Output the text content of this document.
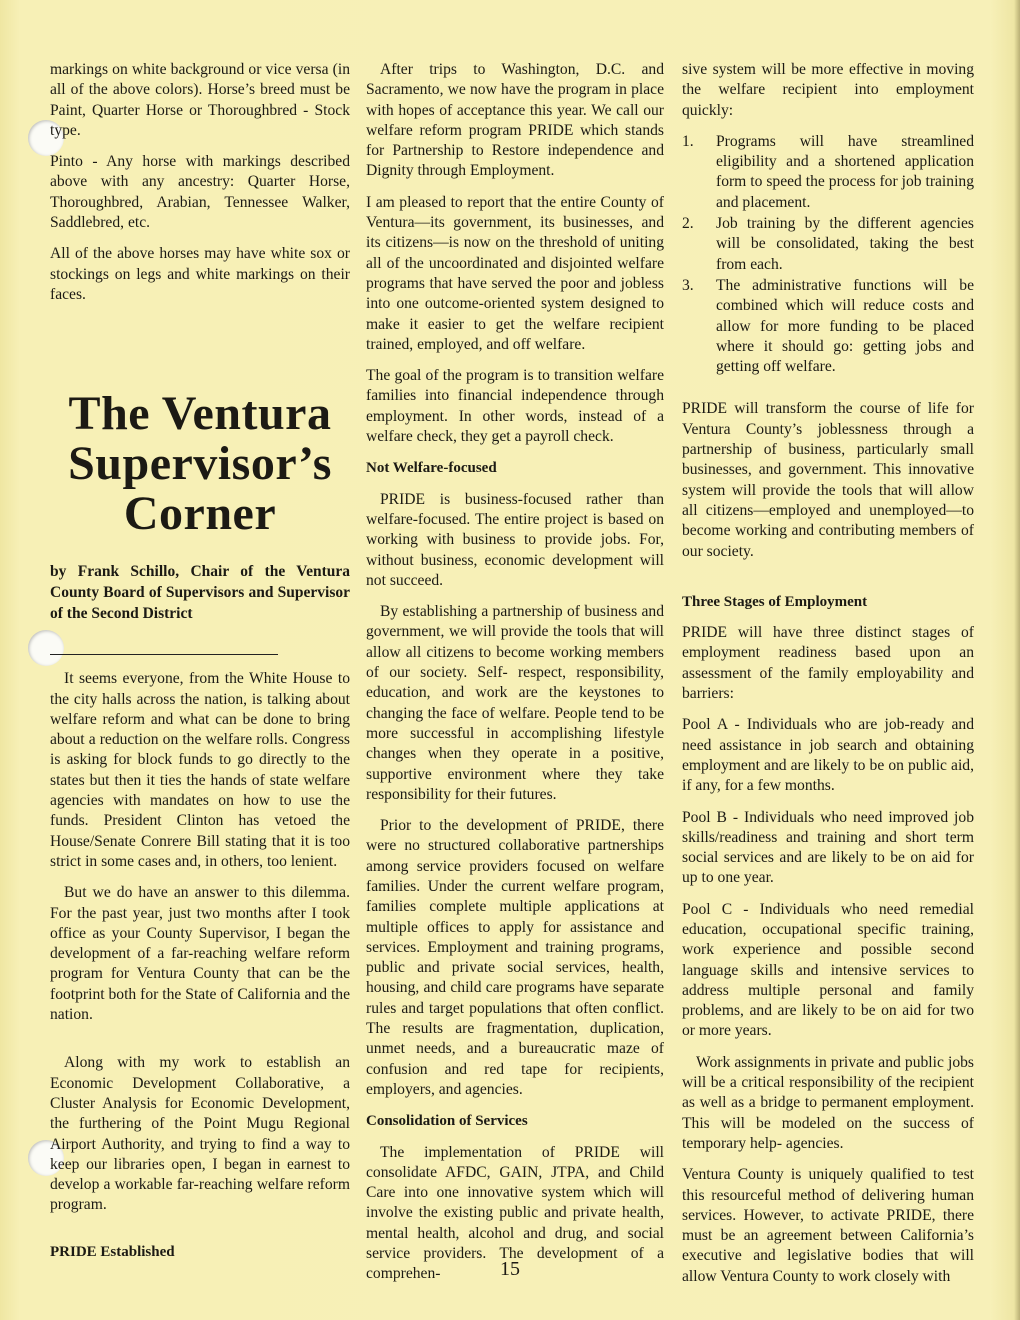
markings on white background or vice versa (in all of the above colors). Horse’s breed must be Paint, Quarter Horse or Thoroughbred - Stock type.

Pinto - Any horse with markings described above with any ancestry: Quarter Horse, Thoroughbred, Arabian, Tennessee Walker, Saddlebred, etc.

All of the above horses may have white sox or stockings on legs and white markings on their faces.

The Ventura
Supervisor’s
Corner
by Frank Schillo, Chair of the Ventura County Board of Supervisors and Supervisor of the Second District

It seems everyone, from the White House to the city halls across the nation, is talking about welfare reform and what can be done to bring about a reduction on the welfare rolls. Congress is asking for block funds to go directly to the states but then it ties the hands of state welfare agencies with mandates on how to use the funds. President Clinton has vetoed the House/Senate Conrere Bill stating that it is too strict in some cases and, in others, too lenient.

But we do have an answer to this dilemma. For the past year, just two months after I took office as your County Supervisor, I began the development of a far-reaching welfare reform program for Ventura County that can be the footprint both for the State of California and the nation.

Along with my work to establish an Economic Development Collaborative, a Cluster Analysis for Economic Development, the furthering of the Point Mugu Regional Airport Authority, and trying to find a way to keep our libraries open, I began in earnest to develop a workable far-reaching welfare reform program.

PRIDE Established

After trips to Washington, D.C. and Sacramento, we now have the program in place with hopes of acceptance this year. We call our welfare reform program PRIDE which stands for Partnership to Restore independence and Dignity through Employment.

I am pleased to report that the entire County of Ventura—its government, its businesses, and its citizens—is now on the threshold of uniting all of the uncoordinated and disjointed welfare programs that have served the poor and jobless into one outcome-oriented system designed to make it easier to get the welfare recipient trained, employed, and off welfare.

The goal of the program is to transition welfare families into financial independence through employment. In other words, instead of a welfare check, they get a payroll check.

Not Welfare-focused

PRIDE is business-focused rather than welfare-focused. The entire project is based on working with business to provide jobs. For, without business, economic development will not succeed.

By establishing a partnership of business and government, we will provide the tools that will allow all citizens to become working members of our society. Self- respect, responsibility, education, and work are the keystones to changing the face of welfare. People tend to be more successful in accomplishing lifestyle changes when they operate in a positive, supportive environment where they take responsibility for their futures.

Prior to the development of PRIDE, there were no structured collaborative partnerships among service providers focused on welfare families. Under the current welfare program, families complete multiple applications at multiple offices to apply for assistance and services. Employment and training programs, public and private social services, health, housing, and child care programs have separate rules and target populations that often conflict. The results are fragmentation, duplication, unmet needs, and a bureaucratic maze of confusion and red tape for recipients, employers, and agencies.

Consolidation of Services

The implementation of PRIDE will consolidate AFDC, GAIN, JTPA, and Child Care into one innovative system which will involve the existing public and private health, mental health, alcohol and drug, and social service providers. The development of a comprehen-

sive system will be more effective in moving the welfare recipient into employment quickly:

1. Programs will have streamlined eligibility and a shortened application form to speed the process for job training and placement.
2. Job training by the different agencies will be consolidated, taking the best from each.
3. The administrative functions will be combined which will reduce costs and allow for more funding to be placed where it should go: getting jobs and getting off welfare.

PRIDE will transform the course of life for Ventura County’s joblessness through a partnership of business, particularly small businesses, and government. This innovative system will provide the tools that will allow all citizens—employed and unemployed—to become working and contributing members of our society.

Three Stages of Employment

PRIDE will have three distinct stages of employment readiness based upon an assessment of the family employability and barriers:

Pool A - Individuals who are job-ready and need assistance in job search and obtaining employment and are likely to be on public aid, if any, for a few months.

Pool B - Individuals who need improved job skills/readiness and training and short term social services and are likely to be on aid for up to one year.

Pool C - Individuals who need remedial education, occupational specific training, work experience and possible second language skills and intensive services to address multiple personal and family problems, and are likely to be on aid for two or more years.

Work assignments in private and public jobs will be a critical responsibility of the recipient as well as a bridge to permanent employment. This will be modeled on the success of temporary help- agencies.

Ventura County is uniquely qualified to test this resourceful method of delivering human services. However, to activate PRIDE, there must be an agreement between California’s executive and legislative bodies that will allow Ventura County to work closely with

15
